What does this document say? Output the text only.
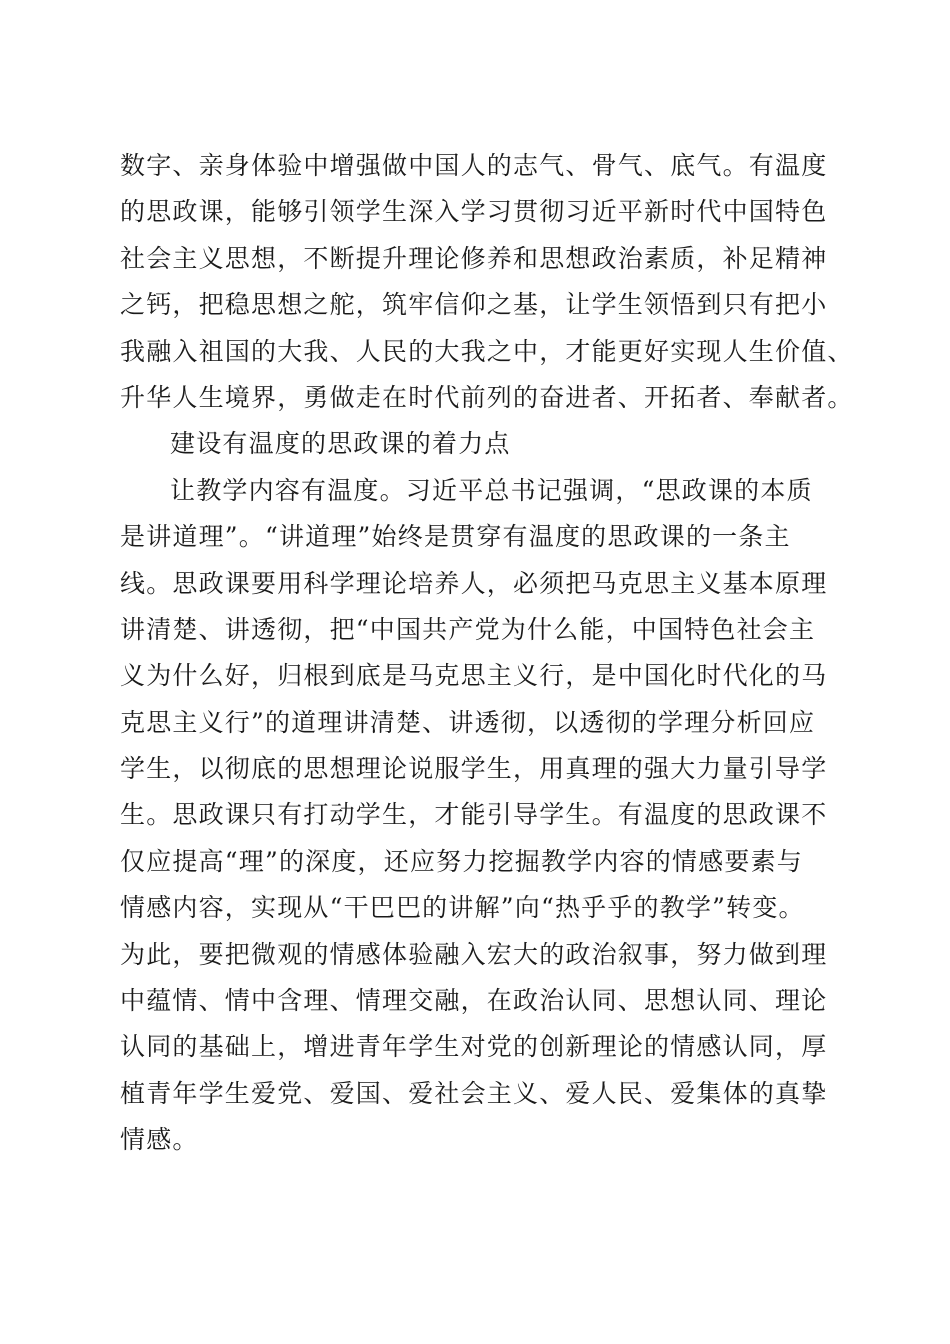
数字、亲身体验中增强做中国人的志气、骨气、底气。有温度
的思政课，能够引领学生深入学习贯彻习近平新时代中国特色
社会主义思想，不断提升理论修养和思想政治素质，补足精神
之钙，把稳思想之舵，筑牢信仰之基，让学生领悟到只有把小
我融入祖国的大我、人民的大我之中，才能更好实现人生价值、
升华人生境界，勇做走在时代前列的奋进者、开拓者、奉献者。
建设有温度的思政课的着力点
让教学内容有温度。习近平总书记强调，“思政课的本质
是讲道理”。“讲道理”始终是贯穿有温度的思政课的一条主
线。思政课要用科学理论培养人，必须把马克思主义基本原理
讲清楚、讲透彻，把“中国共产党为什么能，中国特色社会主
义为什么好，归根到底是马克思主义行，是中国化时代化的马
克思主义行”的道理讲清楚、讲透彻，以透彻的学理分析回应
学生，以彻底的思想理论说服学生，用真理的强大力量引导学
生。思政课只有打动学生，才能引导学生。有温度的思政课不
仅应提高“理”的深度，还应努力挖掘教学内容的情感要素与
情感内容，实现从“干巴巴的讲解”向“热乎乎的教学”转变。
为此，要把微观的情感体验融入宏大的政治叙事，努力做到理
中蕴情、情中含理、情理交融，在政治认同、思想认同、理论
认同的基础上，增进青年学生对党的创新理论的情感认同，厚
植青年学生爱党、爱国、爱社会主义、爱人民、爱集体的真挚
情感。
